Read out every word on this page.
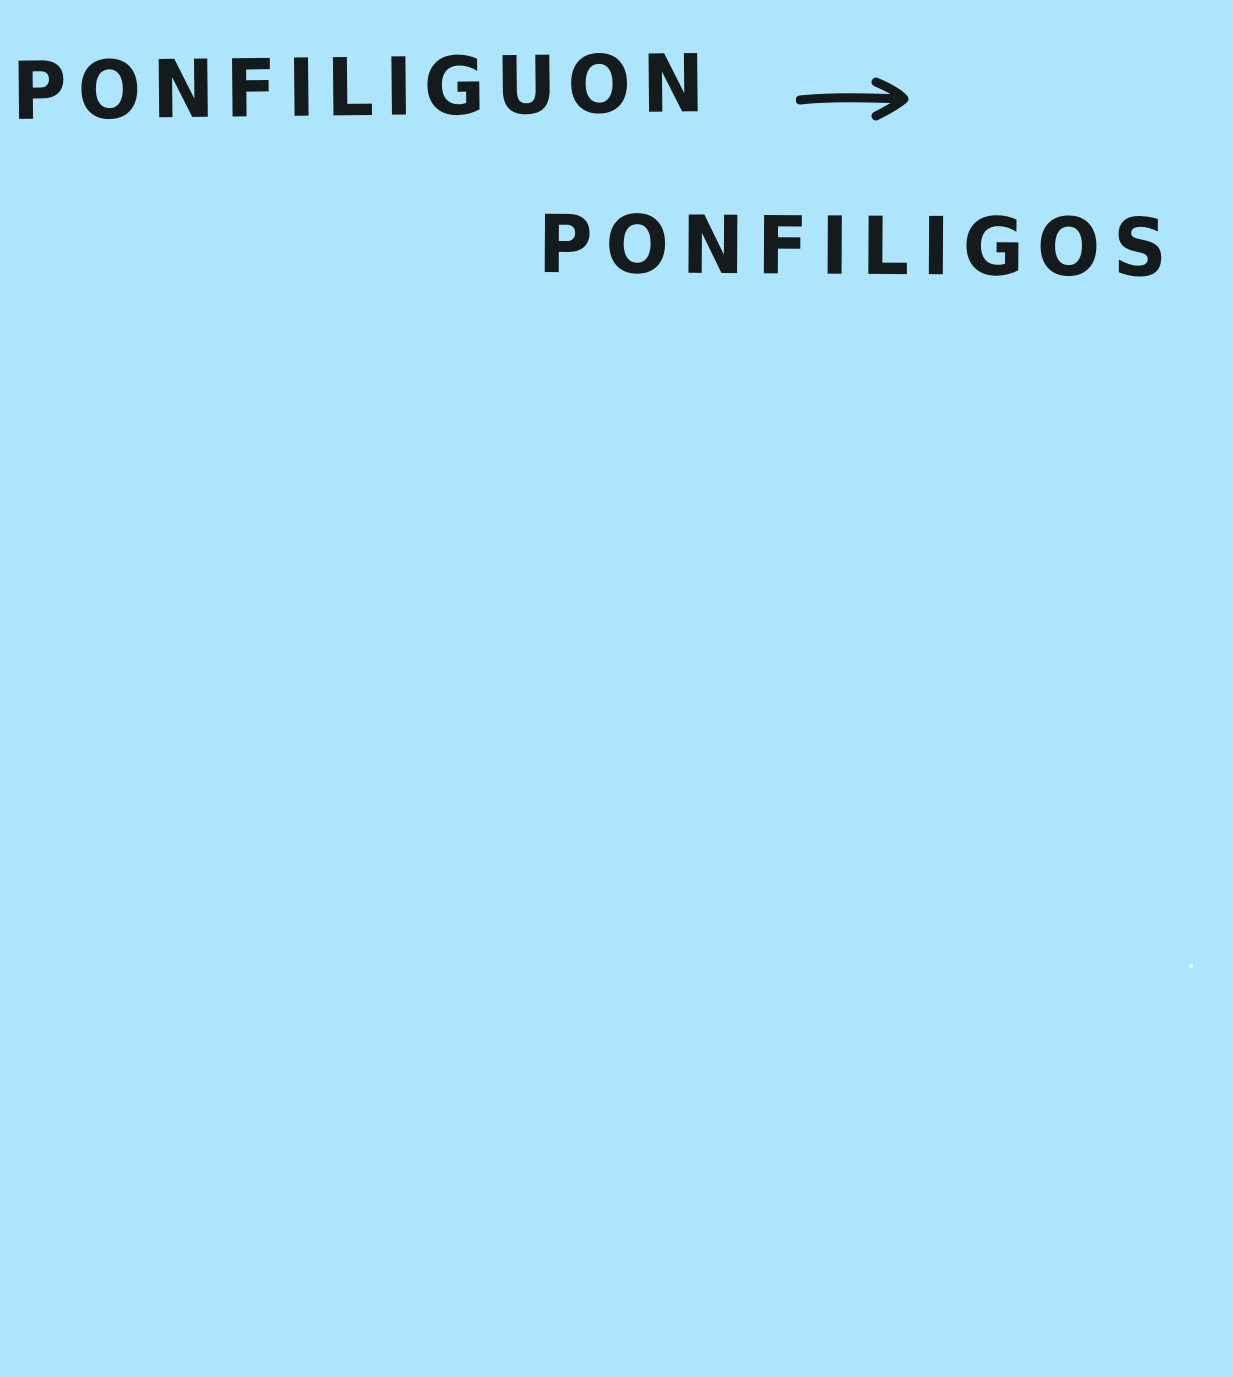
PONFILIGUON

PONFILIGOS
